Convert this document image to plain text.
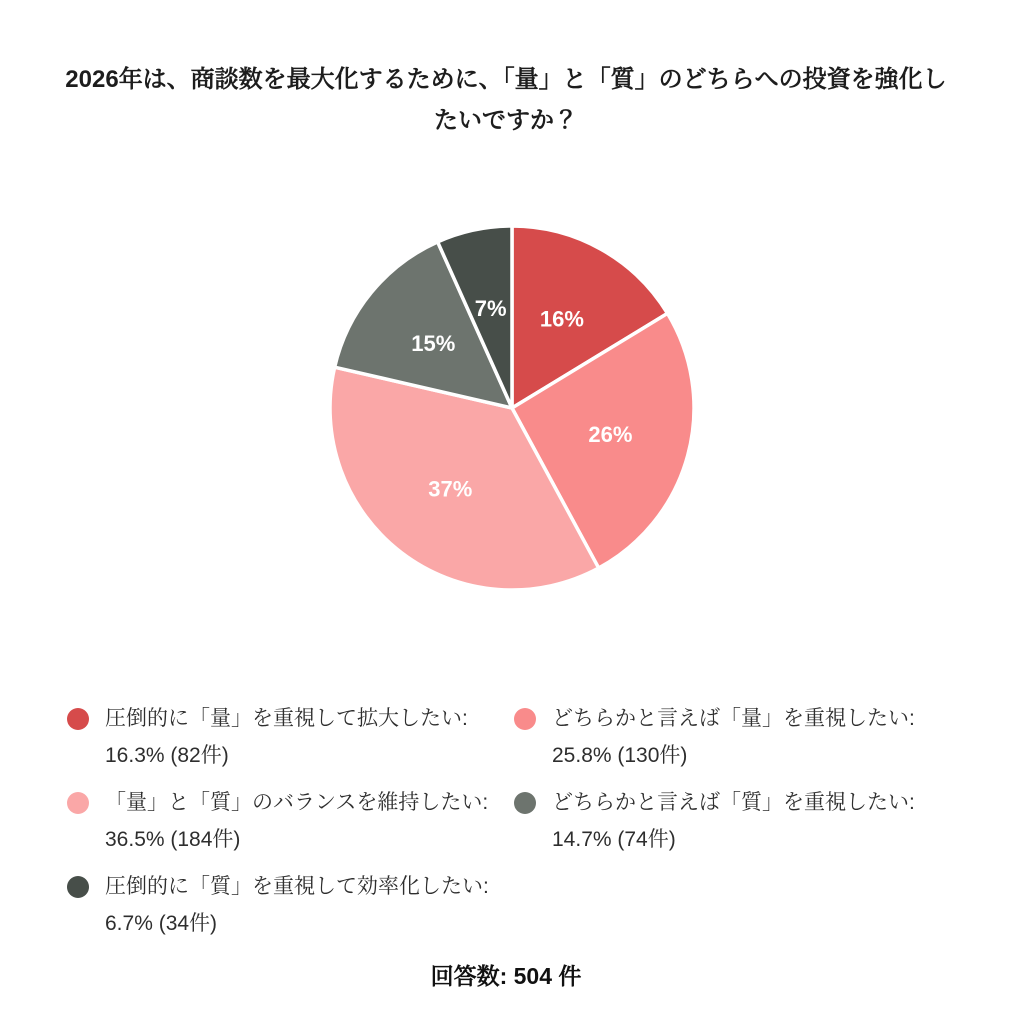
2026年は、商談数を最大化するために、「量」と「質」のどちらへの投資を強化したいですか？
16%
26%
37%
15%
7%
圧倒的に「量」を重視して拡大したい:
16.3% (82件)
どちらかと言えば「量」を重視したい:
25.8% (130件)
「量」と「質」のバランスを維持したい:
36.5% (184件)
どちらかと言えば「質」を重視したい:
14.7% (74件)
圧倒的に「質」を重視して効率化したい:
6.7% (34件)
回答数: 504 件
